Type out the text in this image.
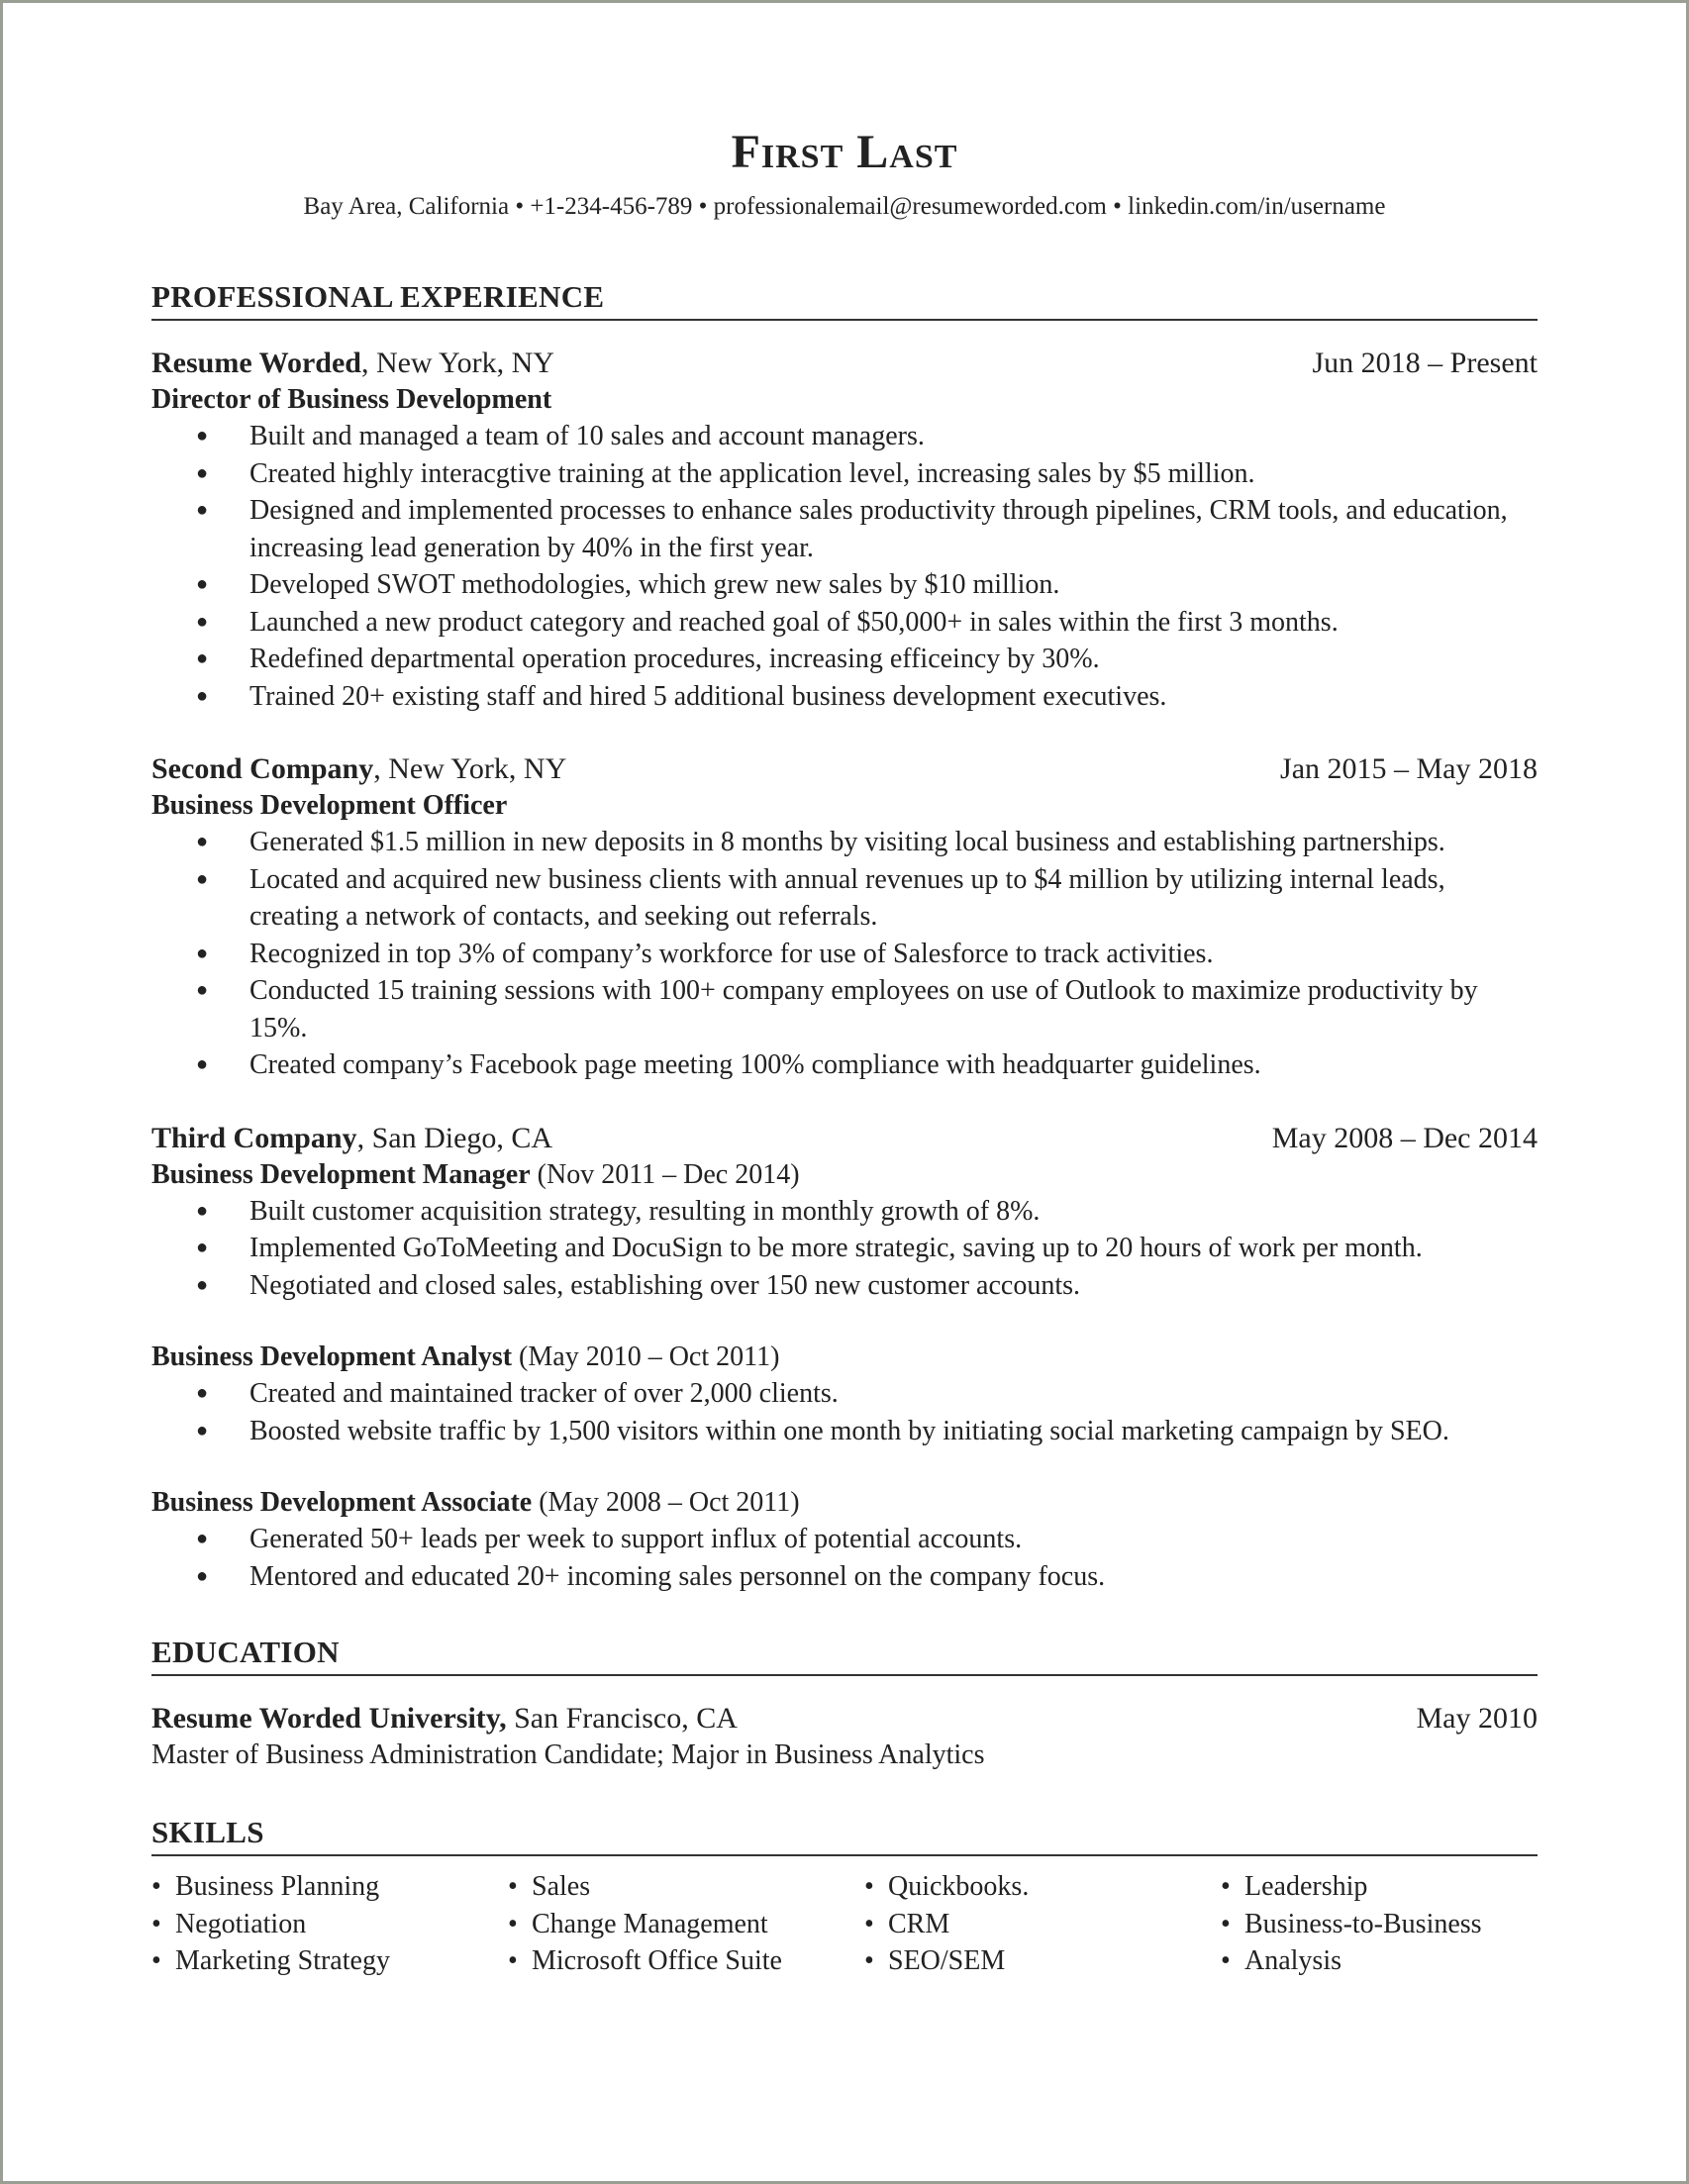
First Last
Bay Area, California • +1-234-456-789 • professionalemail@resumeworded.com • linkedin.com/in/username
PROFESSIONAL EXPERIENCE
Resume Worded, New York, NY	Jun 2018 – Present
Director of Business Development
● Built and managed a team of 10 sales and account managers.
● Created highly interacgtive training at the application level, increasing sales by $5 million.
● Designed and implemented processes to enhance sales productivity through pipelines, CRM tools, and education, increasing lead generation by 40% in the first year.
● Developed SWOT methodologies, which grew new sales by $10 million.
● Launched a new product category and reached goal of $50,000+ in sales within the first 3 months.
● Redefined departmental operation procedures, increasing efficeincy by 30%.
● Trained 20+ existing staff and hired 5 additional business development executives.
Second Company, New York, NY	Jan 2015 – May 2018
Business Development Officer
● Generated $1.5 million in new deposits in 8 months by visiting local business and establishing partnerships.
● Located and acquired new business clients with annual revenues up to $4 million by utilizing internal leads, creating a network of contacts, and seeking out referrals.
● Recognized in top 3% of company’s workforce for use of Salesforce to track activities.
● Conducted 15 training sessions with 100+ company employees on use of Outlook to maximize productivity by 15%.
● Created company’s Facebook page meeting 100% compliance with headquarter guidelines.
Third Company, San Diego, CA	May 2008 – Dec 2014
Business Development Manager (Nov 2011 – Dec 2014)
● Built customer acquisition strategy, resulting in monthly growth of 8%.
● Implemented GoToMeeting and DocuSign to be more strategic, saving up to 20 hours of work per month.
● Negotiated and closed sales, establishing over 150 new customer accounts.
Business Development Analyst (May 2010 – Oct 2011)
● Created and maintained tracker of over 2,000 clients.
● Boosted website traffic by 1,500 visitors within one month by initiating social marketing campaign by SEO.
Business Development Associate (May 2008 – Oct 2011)
● Generated 50+ leads per week to support influx of potential accounts.
● Mentored and educated 20+ incoming sales personnel on the company focus.
EDUCATION
Resume Worded University, San Francisco, CA	May 2010
Master of Business Administration Candidate; Major in Business Analytics
SKILLS
• Business Planning
• Negotiation
• Marketing Strategy
• Sales
• Change Management
• Microsoft Office Suite
• Quickbooks.
• CRM
• SEO/SEM
• Leadership
• Business-to-Business
• Analysis
